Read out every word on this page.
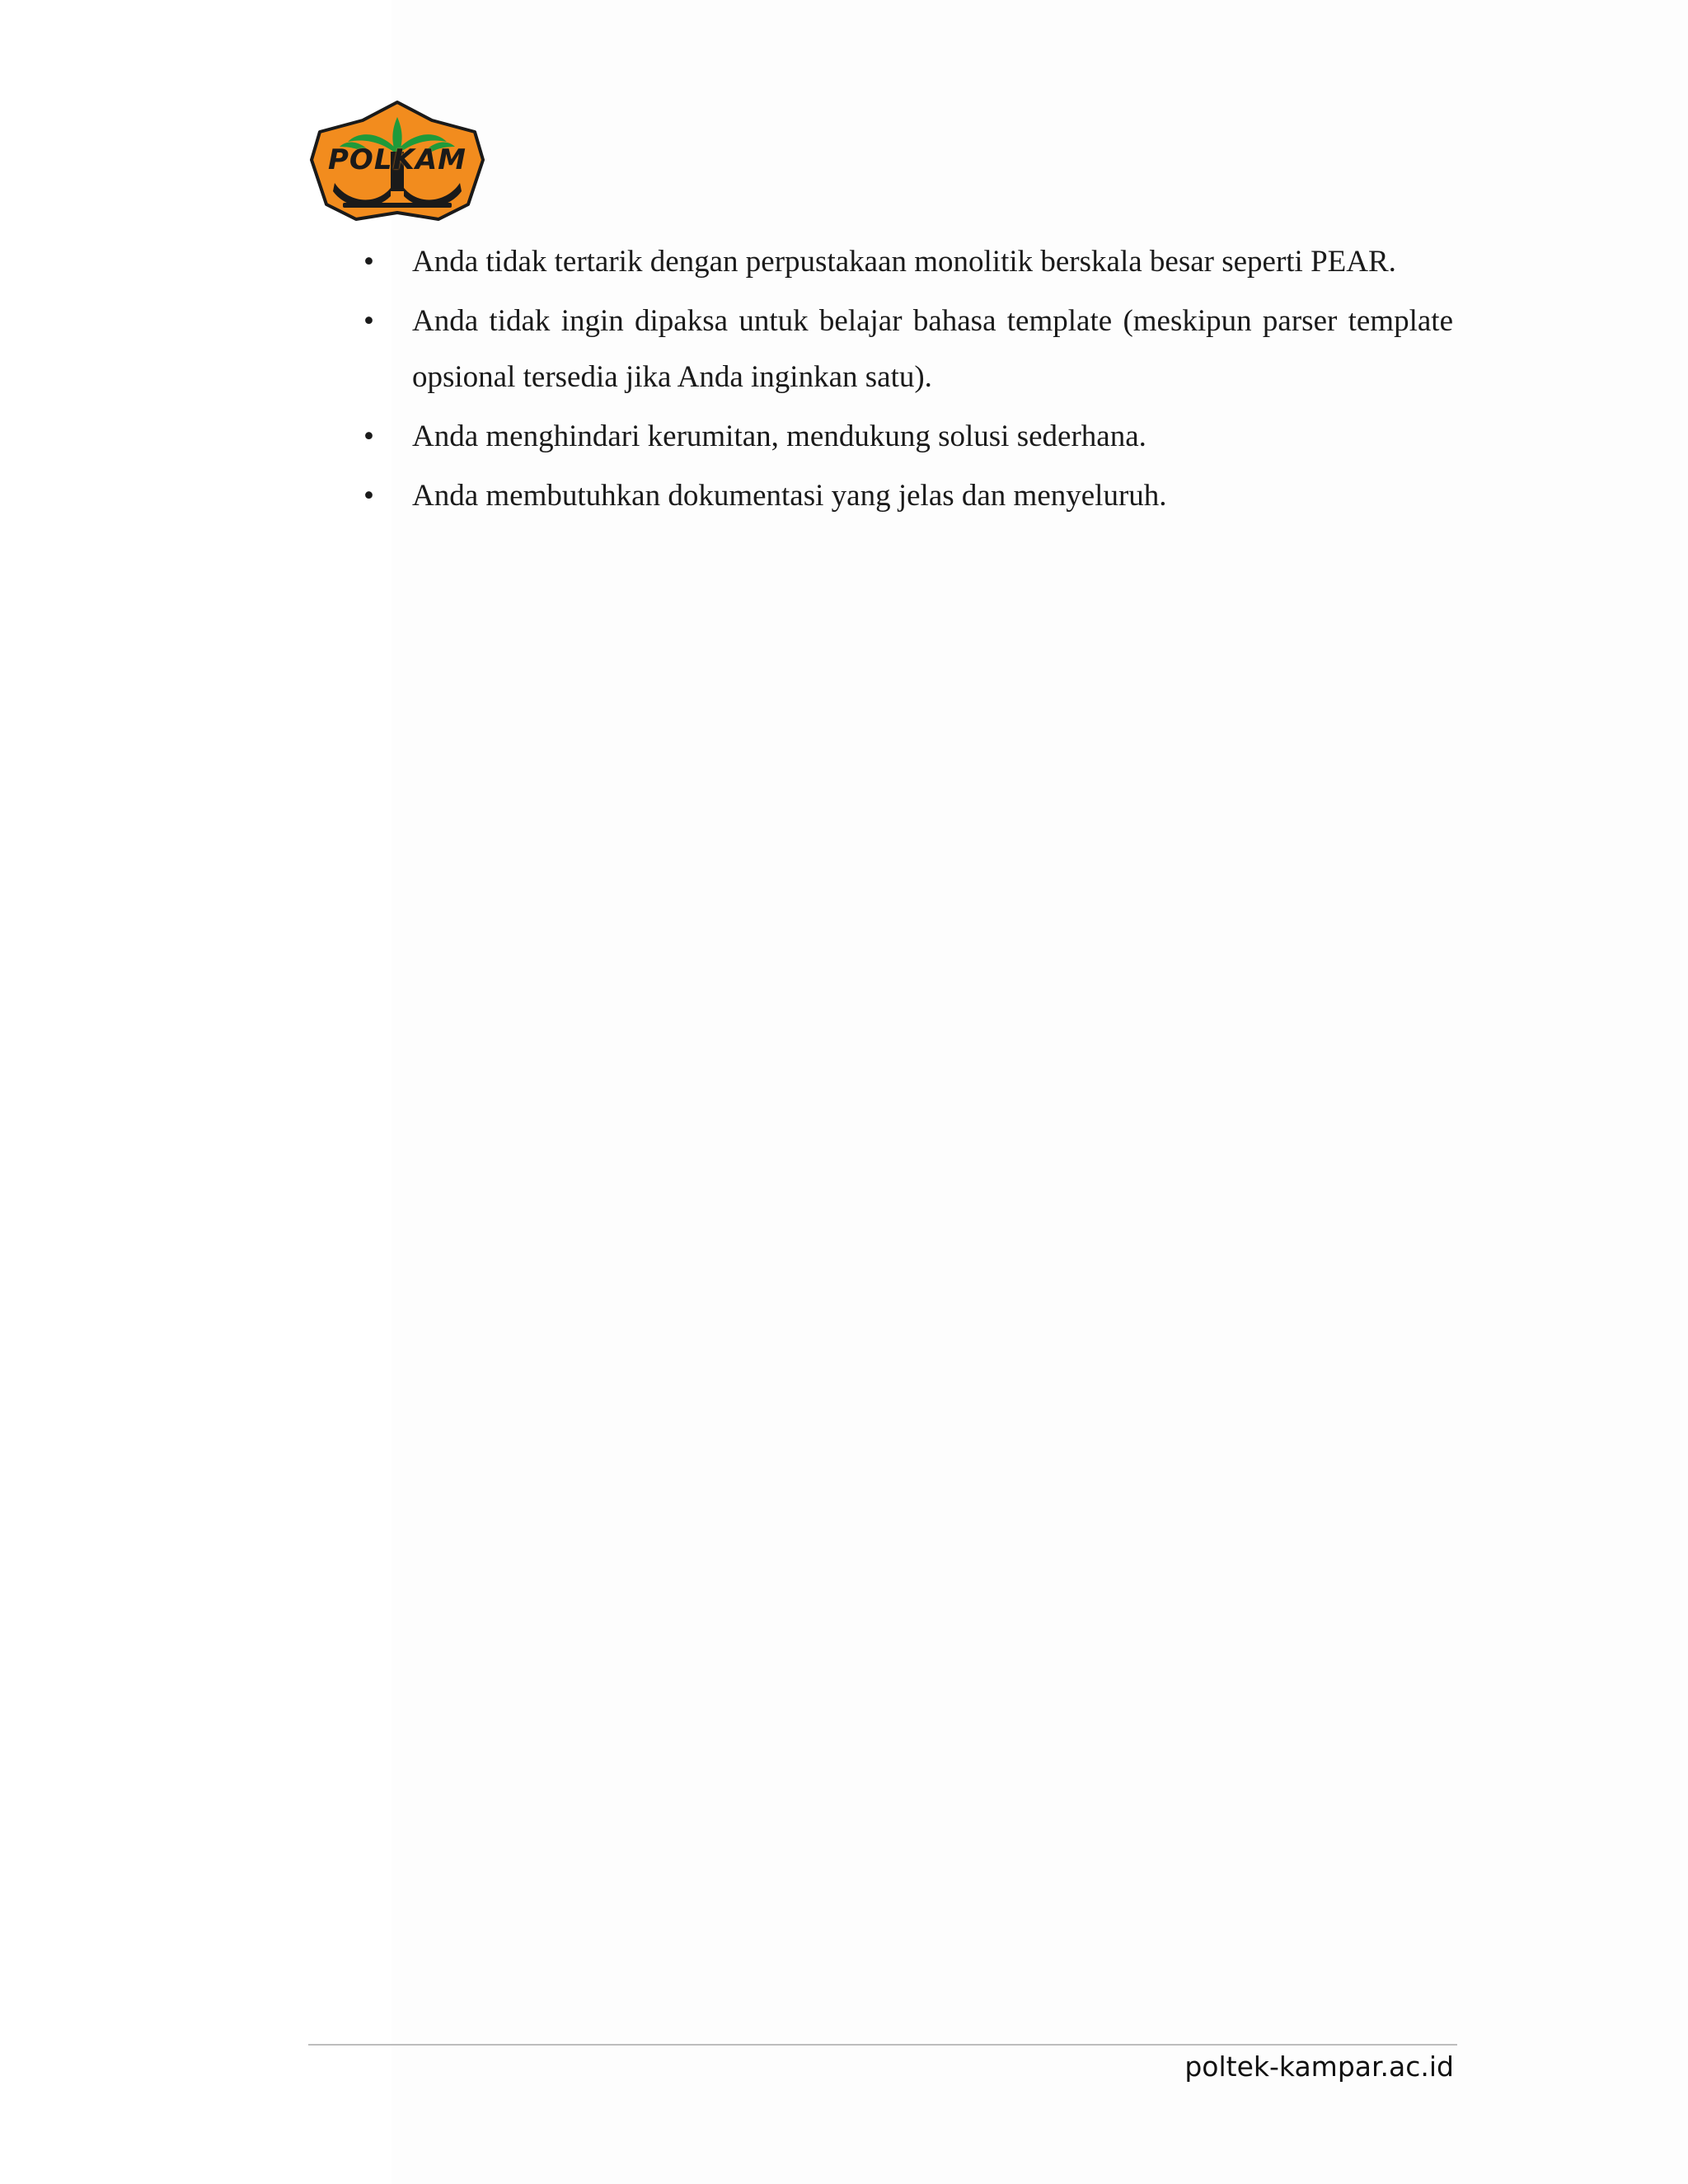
POLKAM
• Anda tidak tertarik dengan perpustakaan monolitik berskala besar seperti PEAR.
• Anda tidak ingin dipaksa untuk belajar bahasa template (meskipun parser template opsional tersedia jika Anda inginkan satu).
• Anda menghindari kerumitan, mendukung solusi sederhana.
• Anda membutuhkan dokumentasi yang jelas dan menyeluruh.
poltek-kampar.ac.id
